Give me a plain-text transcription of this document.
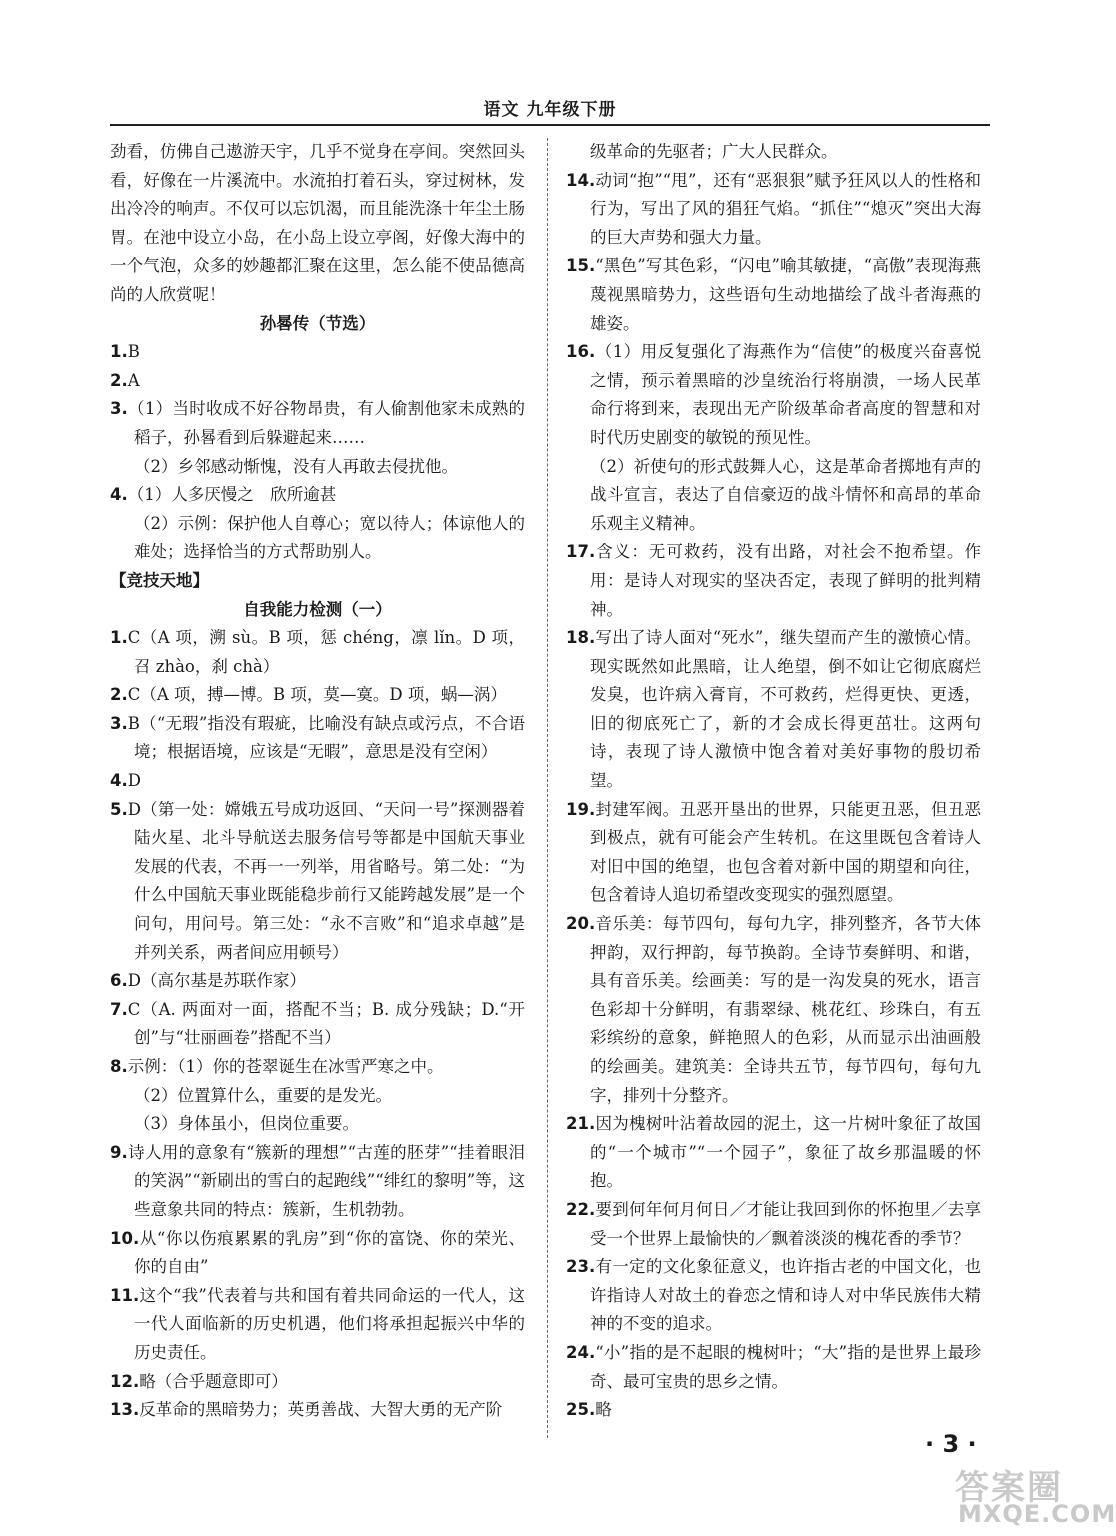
语文 九年级下册

劲看，仿佛自己遨游天宇，几乎不觉身在亭间。突然回头看，好像在一片溪流中。水流拍打着石头，穿过树林，发出冷冷的响声。不仅可以忘饥渴，而且能洗涤十年尘土肠胃。在池中设立小岛，在小岛上设立亭阁，好像大海中的一个气泡，众多的妙趣都汇聚在这里，怎么能不使品德高尚的人欣赏呢！

孙晷传（节选）

1.B

2.A

3.（1）当时收成不好谷物昂贵，有人偷割他家未成熟的稻子，孙晷看到后躲避起来……

（2）乡邻感动惭愧，没有人再敢去侵扰他。

4.（1）人多厌慢之　欣所逾甚

（2）示例：保护他人自尊心；宽以待人；体谅他人的难处；选择恰当的方式帮助别人。

【竞技天地】

自我能力检测（一）

1.C（A 项，溯 sù。B 项，惩 chéng，凛 lǐn。D 项，召 zhào，刹 chà）

2.C（A 项，搏—博。B 项，莫—寞。D 项，蜗—涡）

3.B（“无瑕”指没有瑕疵，比喻没有缺点或污点，不合语境；根据语境，应该是“无暇”，意思是没有空闲）

4.D

5.D（第一处：嫦娥五号成功返回、“天问一号”探测器着陆火星、北斗导航送去服务信号等都是中国航天事业发展的代表，不再一一列举，用省略号。第二处：“为什么中国航天事业既能稳步前行又能跨越发展”是一个问句，用问号。第三处：“永不言败”和“追求卓越”是并列关系，两者间应用顿号）

6.D（高尔基是苏联作家）

7.C（A. 两面对一面，搭配不当；B. 成分残缺；D.“开创”与“壮丽画卷”搭配不当）

8.示例：（1）你的苍翠诞生在冰雪严寒之中。

（2）位置算什么，重要的是发光。

（3）身体虽小，但岗位重要。

9.诗人用的意象有“簇新的理想”“古莲的胚芽”“挂着眼泪的笑涡”“新刷出的雪白的起跑线”“绯红的黎明”等，这些意象共同的特点：簇新，生机勃勃。

10.从“你以伤痕累累的乳房”到“你的富饶、你的荣光、你的自由”

11.这个“我”代表着与共和国有着共同命运的一代人，这一代人面临新的历史机遇，他们将承担起振兴中华的历史责任。

12.略（合乎题意即可）

13.反革命的黑暗势力；英勇善战、大智大勇的无产阶

级革命的先驱者；广大人民群众。

14.动词“抱”“甩”，还有“恶狠狠”赋予狂风以人的性格和行为，写出了风的猖狂气焰。“抓住”“熄灭”突出大海的巨大声势和强大力量。

15.“黑色”写其色彩，“闪电”喻其敏捷，“高傲”表现海燕蔑视黑暗势力，这些语句生动地描绘了战斗者海燕的雄姿。

16.（1）用反复强化了海燕作为“信使”的极度兴奋喜悦之情，预示着黑暗的沙皇统治行将崩溃，一场人民革命行将到来，表现出无产阶级革命者高度的智慧和对时代历史剧变的敏锐的预见性。

（2）祈使句的形式鼓舞人心，这是革命者掷地有声的战斗宣言，表达了自信豪迈的战斗情怀和高昂的革命乐观主义精神。

17.含义：无可救药，没有出路，对社会不抱希望。作用：是诗人对现实的坚决否定，表现了鲜明的批判精神。

18.写出了诗人面对“死水”，继失望而产生的激愤心情。现实既然如此黑暗，让人绝望，倒不如让它彻底腐烂发臭，也许病入膏肓，不可救药，烂得更快、更透，旧的彻底死亡了，新的才会成长得更茁壮。这两句诗，表现了诗人激愤中饱含着对美好事物的殷切希望。

19.封建军阀。丑恶开垦出的世界，只能更丑恶，但丑恶到极点，就有可能会产生转机。在这里既包含着诗人对旧中国的绝望，也包含着对新中国的期望和向往，包含着诗人追切希望改变现实的强烈愿望。

20.音乐美：每节四句，每句九字，排列整齐，各节大体押韵，双行押韵，每节换韵。全诗节奏鲜明、和谐，具有音乐美。绘画美：写的是一沟发臭的死水，语言色彩却十分鲜明，有翡翠绿、桃花红、珍珠白，有五彩缤纷的意象，鲜艳照人的色彩，从而显示出油画般的绘画美。建筑美：全诗共五节，每节四句，每句九字，排列十分整齐。

21.因为槐树叶沾着故园的泥土，这一片树叶象征了故国的“一个城市”“一个园子”，象征了故乡那温暖的怀抱。

22.要到何年何月何日／才能让我回到你的怀抱里／去享受一个世界上最愉快的／飘着淡淡的槐花香的季节？

23.有一定的文化象征意义，也许指古老的中国文化，也许指诗人对故土的眷恋之情和诗人对中华民族伟大精神的不变的追求。

24.“小”指的是不起眼的槐树叶；“大”指的是世界上最珍奇、最可宝贵的思乡之情。

25.略

· 3 ·
答案圈
MXQE.COM
